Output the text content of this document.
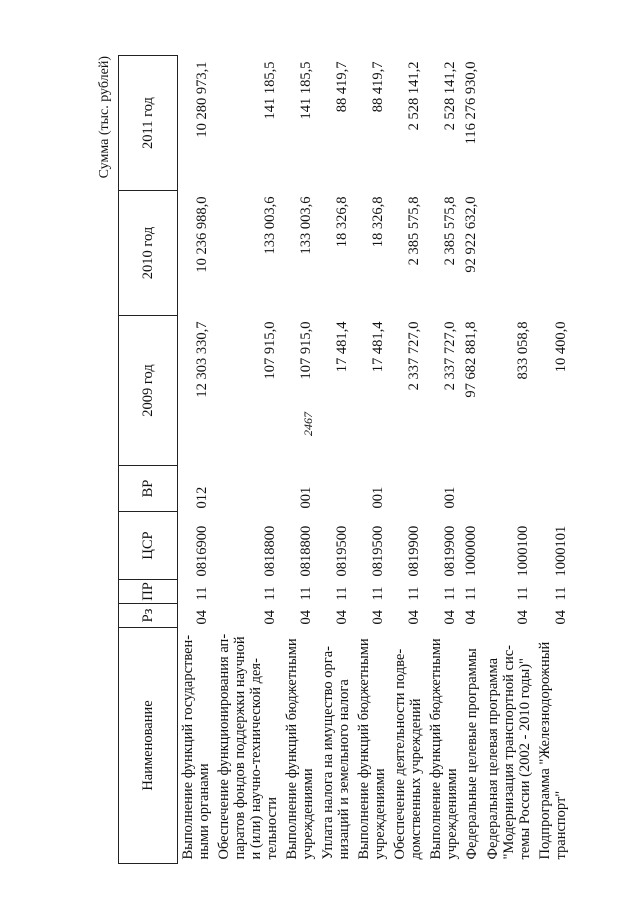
2467
Сумма (тыс. рублей)
Наименование	Рз	ПР	ЦСР	ВР	2009 год	2010 год	2011 год
Выполнение функций государствен-ными органами	04	11	0816900	012	12 303 330,7	10 236 988,0	10 280 973,1
Обеспечение функционирования ап-паратов фондов поддержки научной и (или) научно-технической дея-тельности	04	11	0818800		107 915,0	133 003,6	141 185,5
Выполнение функций бюджетными учреждениями	04	11	0818800	001	107 915,0	133 003,6	141 185,5
Уплата налога на имущество орга-низаций и земельного налога	04	11	0819500		17 481,4	18 326,8	88 419,7
Выполнение функций бюджетными учреждениями	04	11	0819500	001	17 481,4	18 326,8	88 419,7
Обеспечение деятельности подве-домственных учреждений	04	11	0819900		2 337 727,0	2 385 575,8	2 528 141,2
Выполнение функций бюджетными учреждениями	04	11	0819900	001	2 337 727,0	2 385 575,8	2 528 141,2
Федеральные целевые программы	04	11	1000000		97 682 881,8	92 922 632,0	116 276 930,0
Федеральная целевая программа "Модернизация транспортной сис-темы России (2002 - 2010 годы)"	04	11	1000100		833 058,8		
Подпрограмма "Железнодорожный транспорт"	04	11	1000101		10 400,0		
